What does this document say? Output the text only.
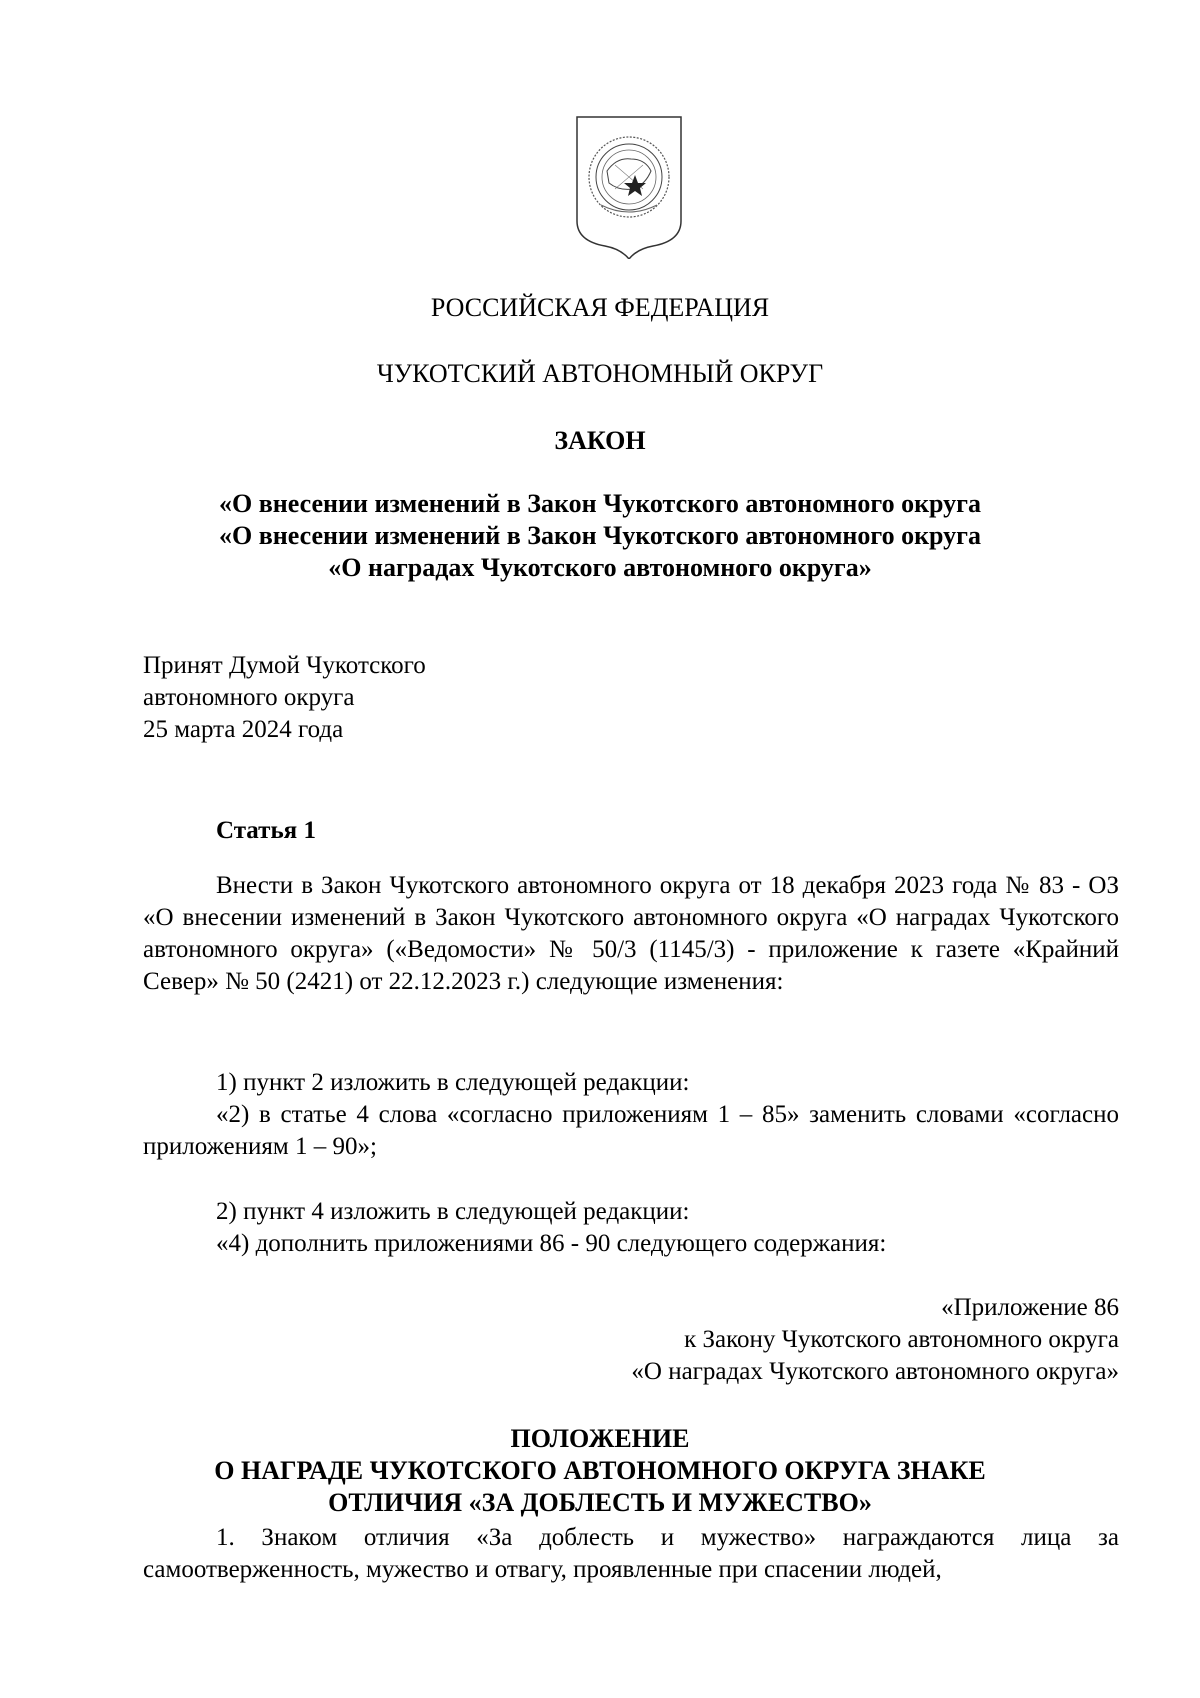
РОССИЙСКАЯ ФЕДЕРАЦИЯ
ЧУКОТСКИЙ АВТОНОМНЫЙ ОКРУГ
ЗАКОН
«О внесении изменений в Закон Чукотского автономного округа
«О внесении изменений в Закон Чукотского автономного округа
«О наградах Чукотского автономного округа»
Принят Думой Чукотского
автономного округа
25 марта 2024 года
Статья 1
Внести в Закон Чукотского автономного округа от 18 декабря 2023 года № 83 - ОЗ «О внесении изменений в Закон Чукотского автономного округа «О наградах Чукотского автономного округа» («Ведомости» № 50/3 (1145/3) - приложение к газете «Крайний Север» № 50 (2421) от 22.12.2023 г.) следующие изменения:
1) пункт 2 изложить в следующей редакции:
«2) в статье 4 слова «согласно приложениям 1 – 85» заменить словами «согласно приложениям 1 – 90»;
2) пункт 4 изложить в следующей редакции:
«4) дополнить приложениями 86 - 90 следующего содержания:
«Приложение 86
к Закону Чукотского автономного округа
«О наградах Чукотского автономного округа»
ПОЛОЖЕНИЕ
О НАГРАДЕ ЧУКОТСКОГО АВТОНОМНОГО ОКРУГА ЗНАКЕ
ОТЛИЧИЯ «ЗА ДОБЛЕСТЬ И МУЖЕСТВО»
1. Знаком отличия «За доблесть и мужество» награждаются лица за самоотверженность, мужество и отвагу, проявленные при спасении людей,
